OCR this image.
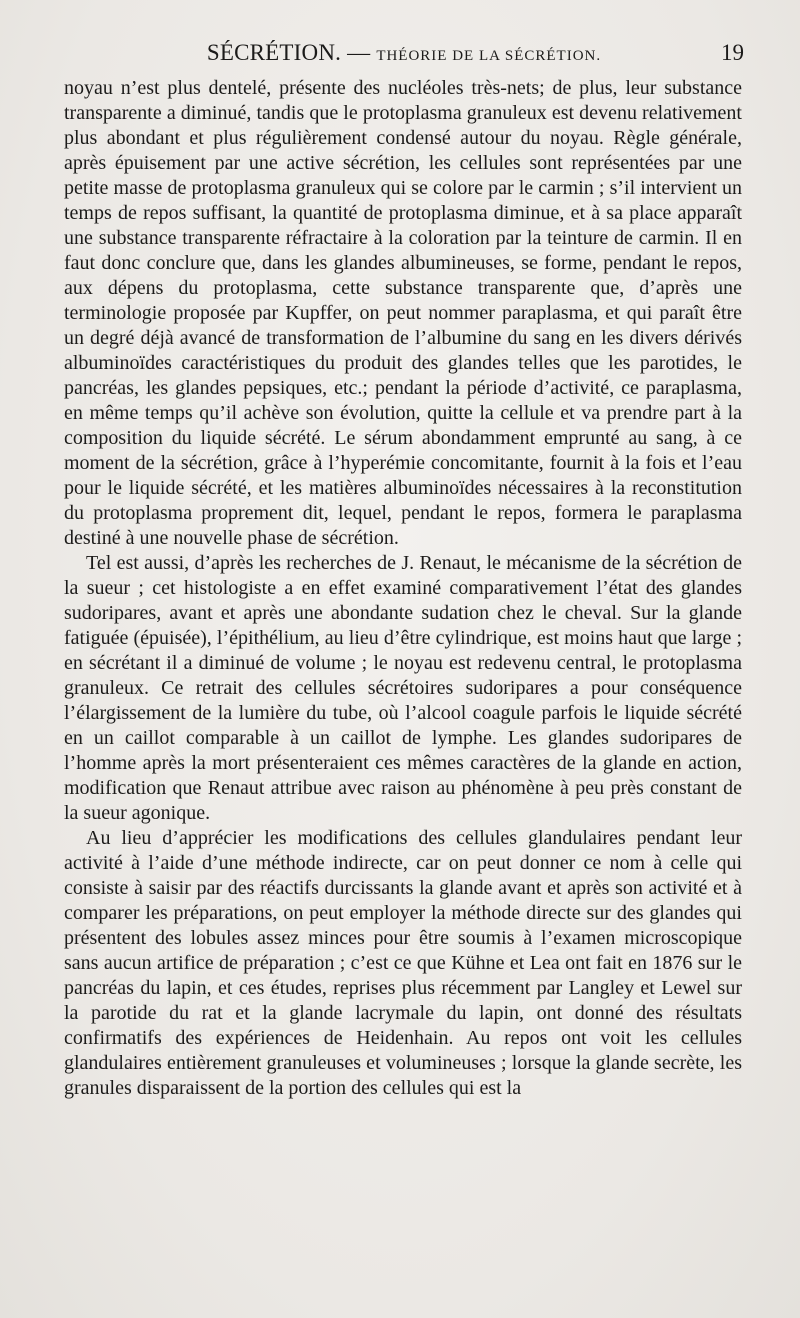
SÉCRÉTION. — THÉORIE DE LA SÉCRÉTION.	19

noyau n’est plus dentelé, présente des nucléoles très-nets; de plus, leur substance transparente a diminué, tandis que le protoplasma granuleux est devenu relativement plus abondant et plus régulièrement condensé autour du noyau. Règle générale, après épuisement par une active sécrétion, les cellules sont représentées par une petite masse de protoplasma granuleux qui se colore par le carmin ; s’il intervient un temps de repos suffisant, la quantité de protoplasma diminue, et à sa place apparaît une substance transparente réfractaire à la coloration par la teinture de carmin. Il en faut donc conclure que, dans les glandes albumineuses, se forme, pendant le repos, aux dépens du protoplasma, cette substance transparente que, d’après une terminologie proposée par Kupffer, on peut nommer paraplasma, et qui paraît être un degré déjà avancé de transformation de l’albumine du sang en les divers dérivés albuminoïdes caractéristiques du produit des glandes telles que les parotides, le pancréas, les glandes pepsiques, etc.; pendant la période d’activité, ce paraplasma, en même temps qu’il achève son évolution, quitte la cellule et va prendre part à la composition du liquide sécrété. Le sérum abondamment emprunté au sang, à ce moment de la sécrétion, grâce à l’hyperémie concomitante, fournit à la fois et l’eau pour le liquide sécrété, et les matières albuminoïdes nécessaires à la reconstitution du protoplasma proprement dit, lequel, pendant le repos, formera le paraplasma destiné à une nouvelle phase de sécrétion.

Tel est aussi, d’après les recherches de J. Renaut, le mécanisme de la sécrétion de la sueur ; cet histologiste a en effet examiné comparativement l’état des glandes sudoripares, avant et après une abondante sudation chez le cheval. Sur la glande fatiguée (épuisée), l’épithélium, au lieu d’être cylindrique, est moins haut que large ; en sécrétant il a diminué de volume ; le noyau est redevenu central, le protoplasma granuleux. Ce retrait des cellules sécrétoires sudoripares a pour conséquence l’élargissement de la lumière du tube, où l’alcool coagule parfois le liquide sécrété en un caillot comparable à un caillot de lymphe. Les glandes sudoripares de l’homme après la mort présenteraient ces mêmes caractères de la glande en action, modification que Renaut attribue avec raison au phénomène à peu près constant de la sueur agonique.

Au lieu d’apprécier les modifications des cellules glandulaires pendant leur activité à l’aide d’une méthode indirecte, car on peut donner ce nom à celle qui consiste à saisir par des réactifs durcissants la glande avant et après son activité et à comparer les préparations, on peut employer la méthode directe sur des glandes qui présentent des lobules assez minces pour être soumis à l’examen microscopique sans aucun artifice de préparation ; c’est ce que Kühne et Lea ont fait en 1876 sur le pancréas du lapin, et ces études, reprises plus récemment par Langley et Lewel sur la parotide du rat et la glande lacrymale du lapin, ont donné des résultats confirmatifs des expériences de Heidenhain. Au repos ont voit les cellules glandulaires entièrement granuleuses et volumineuses ; lorsque la glande secrète, les granules disparaissent de la portion des cellules qui est la
